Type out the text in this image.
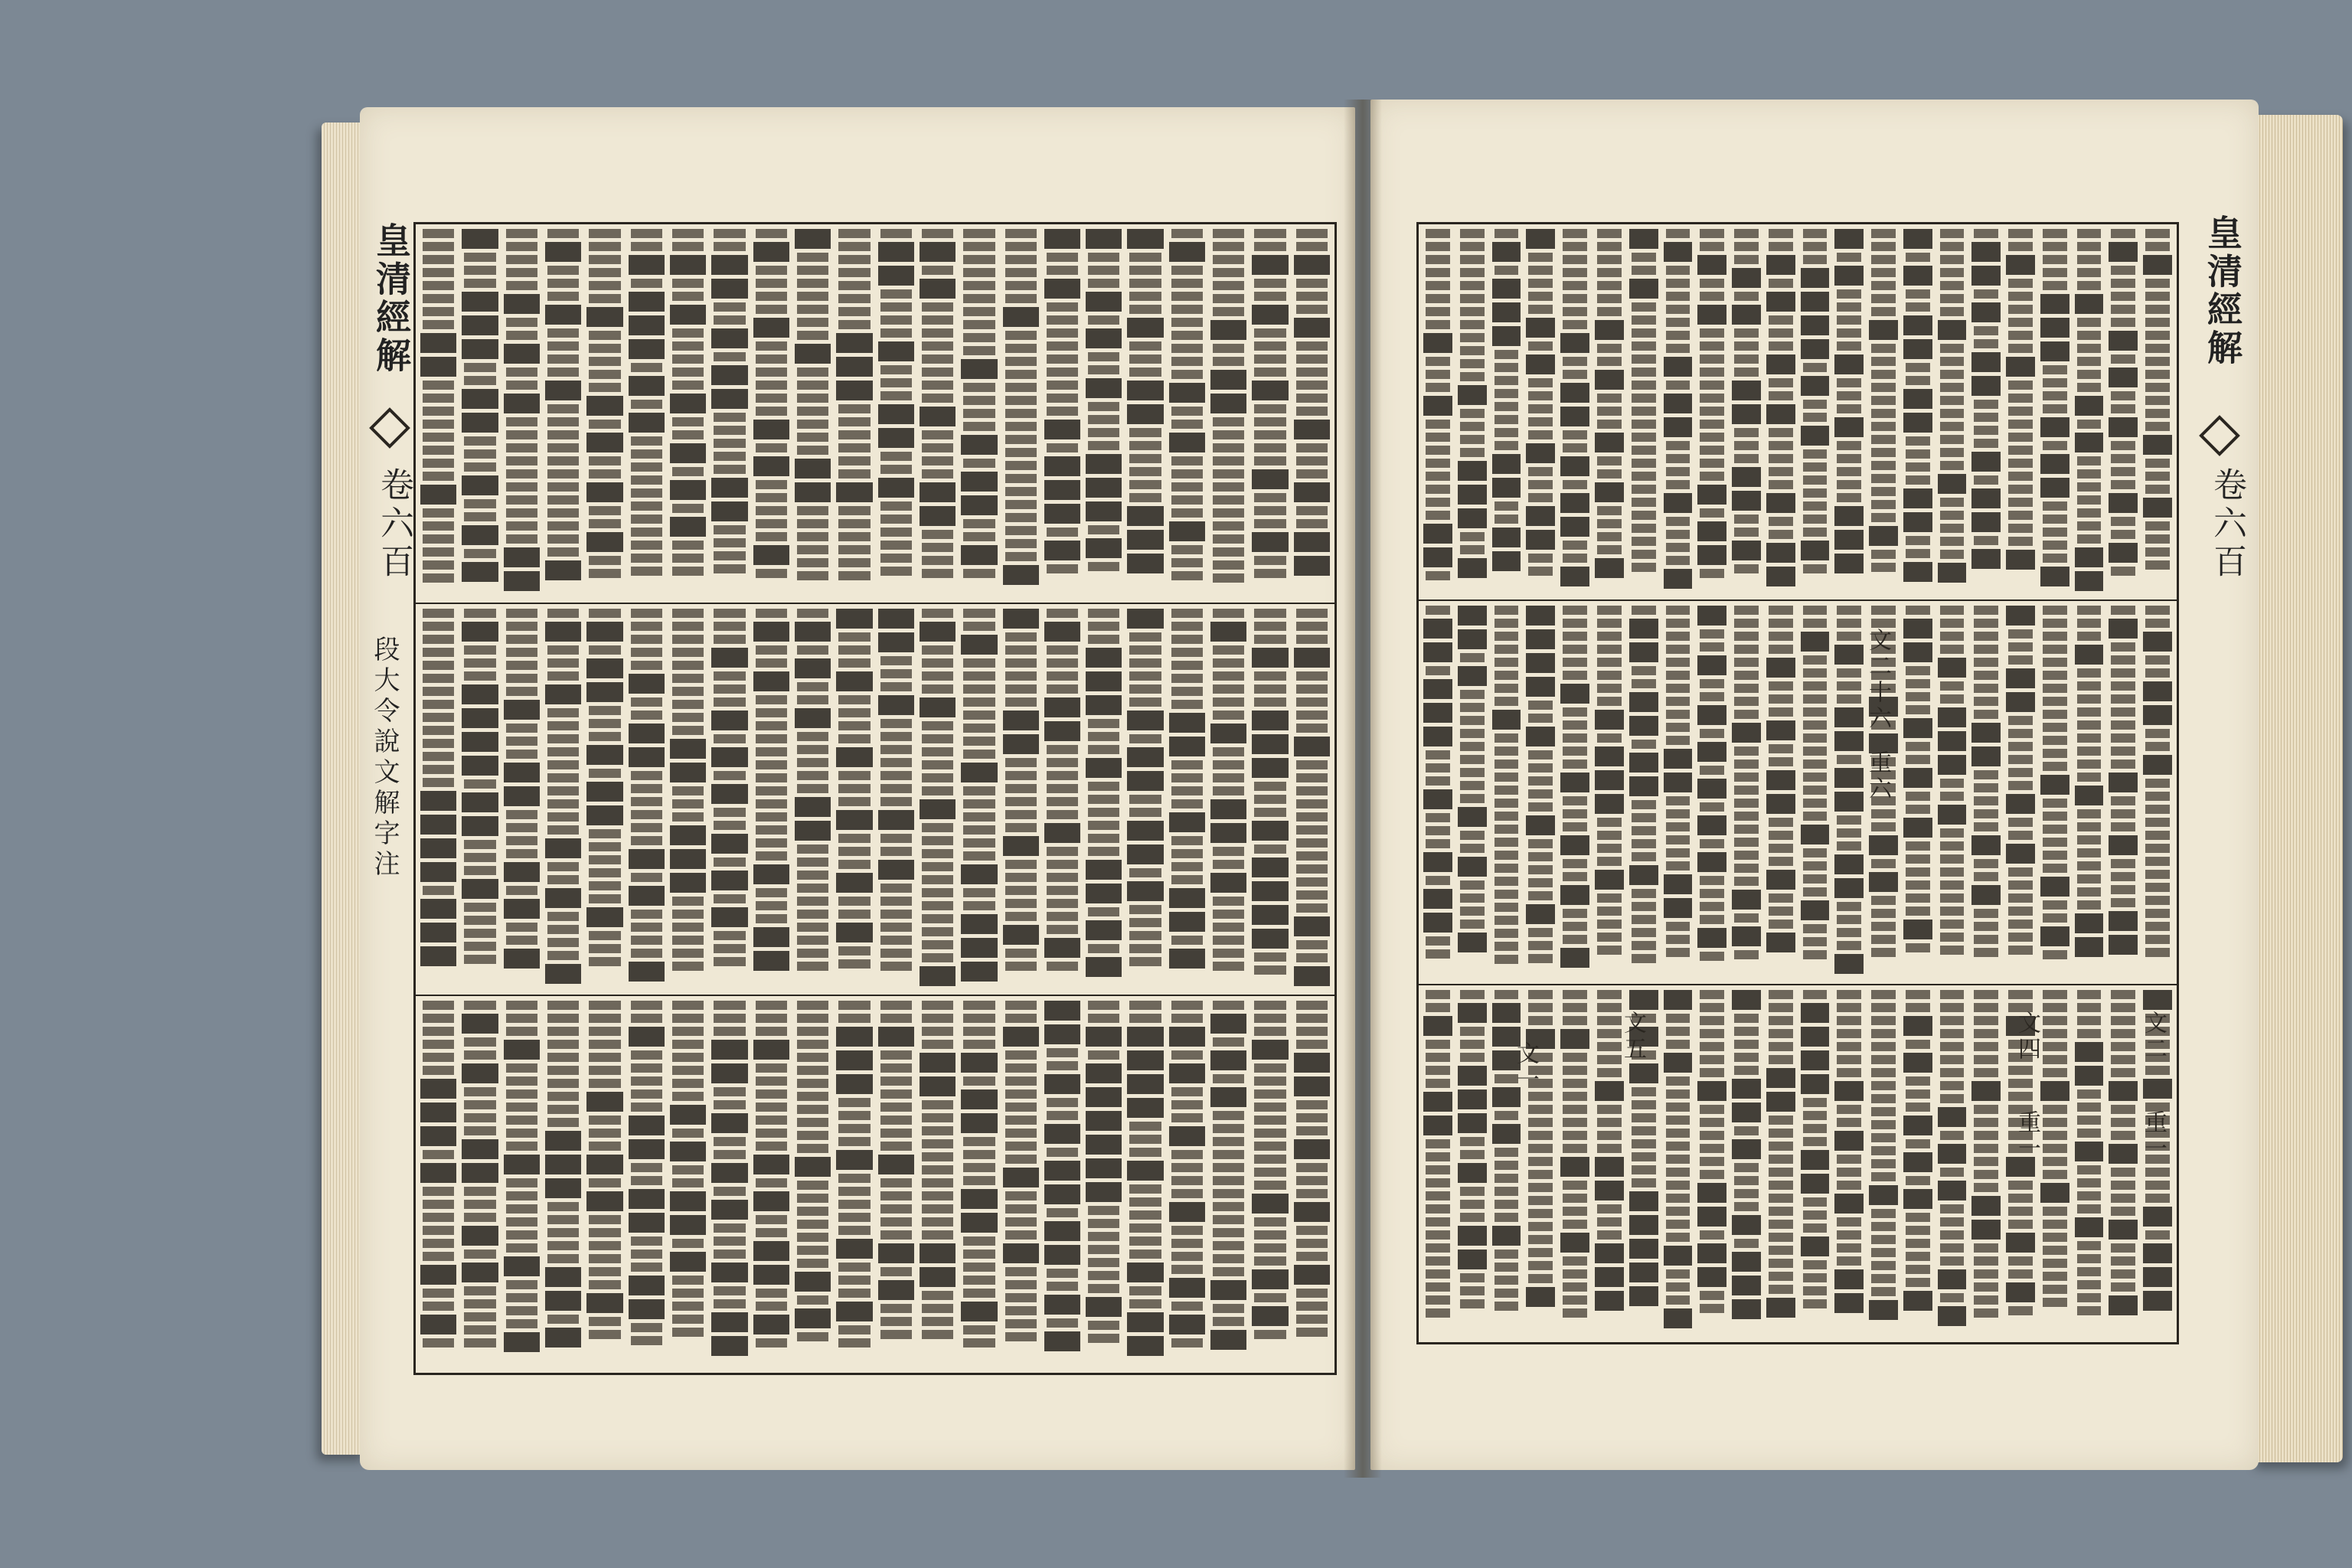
皇清經解
卷六百
段大令說文解字注	文二十六
重六
文四
重一
文二
重一
文五
文一
皇清經解
卷六百
